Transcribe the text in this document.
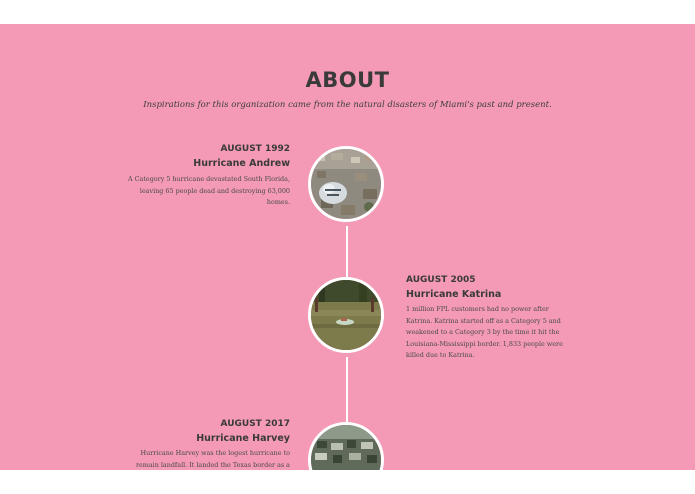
ABOUT
Inspirations for this organization came from the natural disasters of Miami's past and present.
AUGUST 1992
Hurricane Andrew
A Category 5 hurricane devastated South Florida, leaving 65 people dead and destroying 63,000 homes.
AUGUST 2005
Hurricane Katrina
1 million FPL customers had no power after Katrina. Katrina started off as a Category 5 and weakened to a Category 3 by the time it hit the Louisiana-Mississippi border. 1,833 people were killed due to Katrina.
AUGUST 2017
Hurricane Harvey
Hurricane Harvey was the logest hurricane to remain landfall. It landed the Texas border as a
